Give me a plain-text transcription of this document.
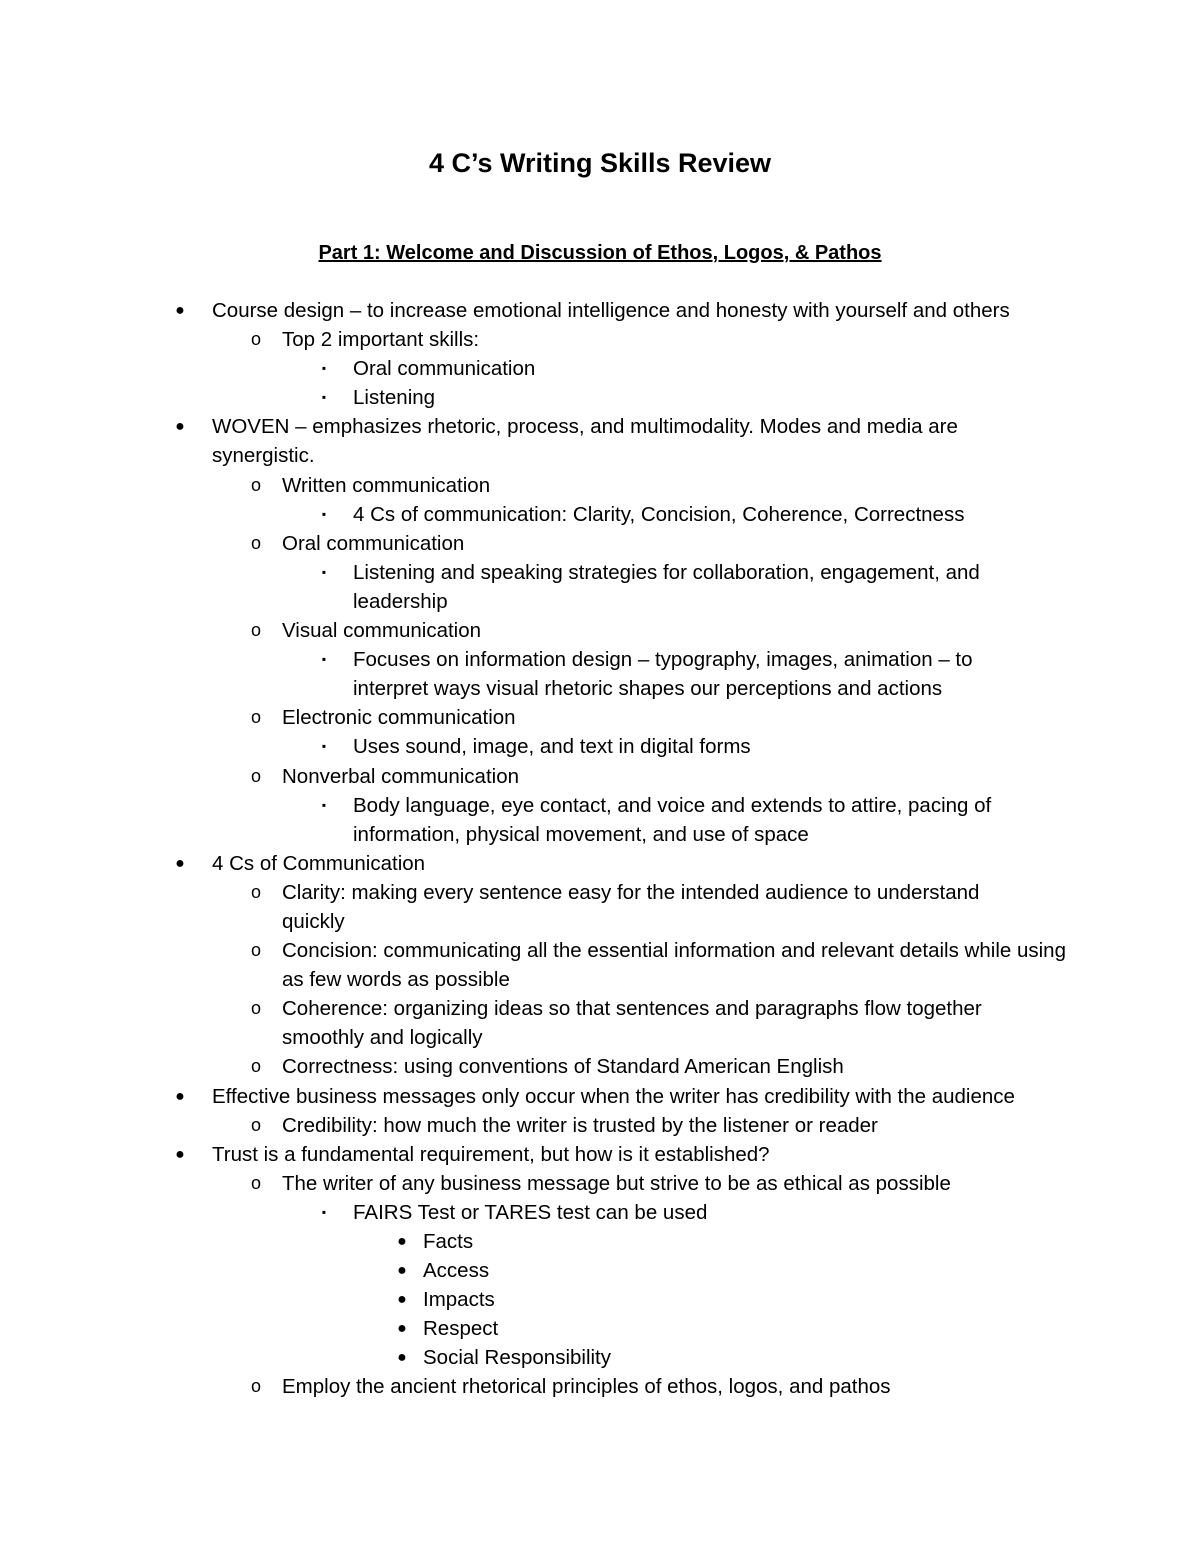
4 C’s Writing Skills Review
Part 1: Welcome and Discussion of Ethos, Logos, & Pathos
● Course design – to increase emotional intelligence and honesty with yourself and others
o Top 2 important skills:
▪	Oral communication
▪	Listening
● WOVEN – emphasizes rhetoric, process, and multimodality. Modes and media are synergistic.
o Written communication
▪	4 Cs of communication: Clarity, Concision, Coherence, Correctness
o Oral communication
▪	Listening and speaking strategies for collaboration, engagement, and leadership
o Visual communication
▪	Focuses on information design – typography, images, animation – to interpret ways visual rhetoric shapes our perceptions and actions
o Electronic communication
▪	Uses sound, image, and text in digital forms
o Nonverbal communication
▪	Body language, eye contact, and voice and extends to attire, pacing of information, physical movement, and use of space
● 4 Cs of Communication
o Clarity: making every sentence easy for the intended audience to understand quickly
o Concision: communicating all the essential information and relevant details while using as few words as possible
o Coherence: organizing ideas so that sentences and paragraphs flow together smoothly and logically
o Correctness: using conventions of Standard American English
● Effective business messages only occur when the writer has credibility with the audience
o Credibility: how much the writer is trusted by the listener or reader
● Trust is a fundamental requirement, but how is it established?
o The writer of any business message but strive to be as ethical as possible
▪	FAIRS Test or TARES test can be used
● Facts
● Access
● Impacts
● Respect
● Social Responsibility
o Employ the ancient rhetorical principles of ethos, logos, and pathos
